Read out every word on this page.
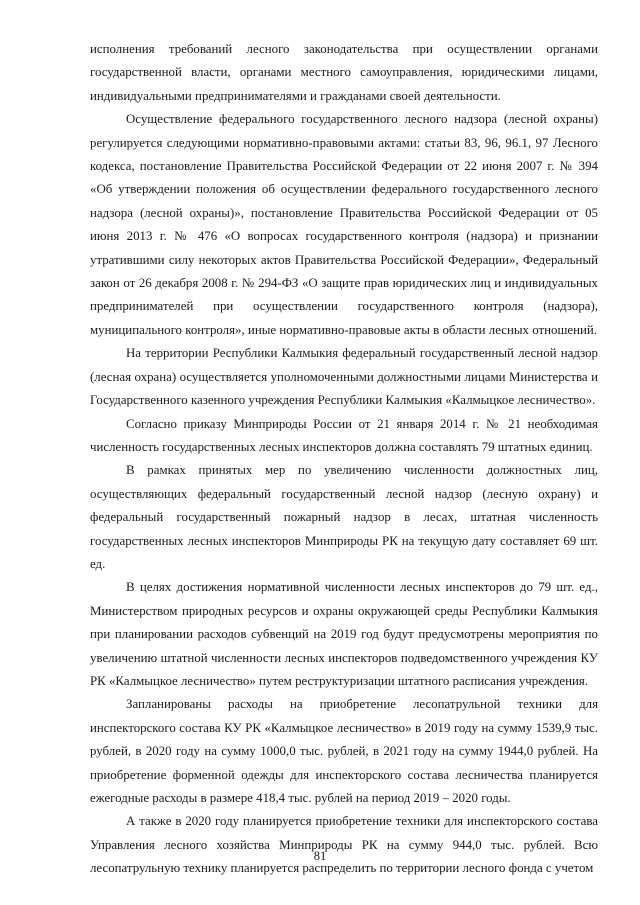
исполнения требований лесного законодательства при осуществлении органами государственной власти, органами местного самоуправления, юридическими лицами, индивидуальными предпринимателями и гражданами своей деятельности.

Осуществление федерального государственного лесного надзора (лесной охраны) регулируется следующими нормативно-правовыми актами: статьи 83, 96, 96.1, 97 Лесного кодекса, постановление Правительства Российской Федерации от 22 июня 2007 г. № 394 «Об утверждении положения об осуществлении федерального государственного лесного надзора (лесной охраны)», постановление Правительства Российской Федерации от 05 июня 2013 г. № 476 «О вопросах государственного контроля (надзора) и признании утратившими силу некоторых актов Правительства Российской Федерации», Федеральный закон от 26 декабря 2008 г. № 294-ФЗ «О защите прав юридических лиц и индивидуальных предпринимателей при осуществлении государственного контроля (надзора), муниципального контроля», иные нормативно-правовые акты в области лесных отношений.

На территории Республики Калмыкия федеральный государственный лесной надзор (лесная охрана) осуществляется уполномоченными должностными лицами Министерства и Государственного казенного учреждения Республики Калмыкия «Калмыцкое лесничество».

Согласно приказу Минприроды России от 21 января 2014 г. № 21 необходимая численность государственных лесных инспекторов должна составлять 79 штатных единиц.

В рамках принятых мер по увеличению численности должностных лиц, осуществляющих федеральный государственный лесной надзор (лесную охрану) и федеральный государственный пожарный надзор в лесах, штатная численность государственных лесных инспекторов Минприроды РК на текущую дату составляет 69 шт. ед.

В целях достижения нормативной численности лесных инспекторов до 79 шт. ед., Министерством природных ресурсов и охраны окружающей среды Республики Калмыкия при планировании расходов субвенций на 2019 год будут предусмотрены мероприятия по увеличению штатной численности лесных инспекторов подведомственного учреждения КУ РК «Калмыцкое лесничество» путем реструктуризации штатного расписания учреждения.

Запланированы расходы на приобретение лесопатрульной техники для инспекторского состава КУ РК «Калмыцкое лесничество» в 2019 году на сумму 1539,9 тыс. рублей, в 2020 году на сумму 1000,0 тыс. рублей, в 2021 году на сумму 1944,0 рублей. На приобретение форменной одежды для инспекторского состава лесничества планируется ежегодные расходы в размере 418,4 тыс. рублей на период 2019 – 2020 годы.

А также в 2020 году планируется приобретение техники для инспекторского состава Управления лесного хозяйства Минприроды РК на сумму 944,0 тыс. рублей. Всю лесопатрульную технику планируется распределить по территории лесного фонда с учетом

81
